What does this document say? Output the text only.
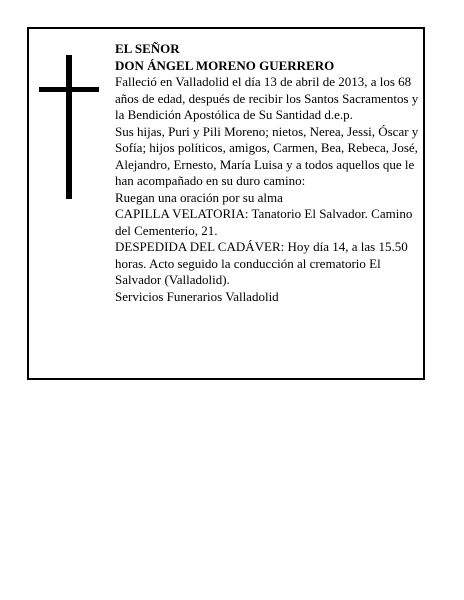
EL SEÑOR

DON ÁNGEL MORENO GUERRERO

Falleció en Valladolid el día 13 de abril de 2013, a los 68 años de edad, después de recibir los Santos Sacramentos y la Bendición Apostólica de Su Santidad d.e.p.

Sus hijas, Puri y Pili Moreno; nietos, Nerea, Jessi, Óscar y Sofía; hijos políticos, amigos, Carmen, Bea, Rebeca, José, Alejandro, Ernesto, María Luisa y a todos aquellos que le han acompañado en su duro camino:

Ruegan una oración por su alma

CAPILLA VELATORIA: Tanatorio El Salvador. Camino del Cementerio, 21.

DESPEDIDA DEL CADÁVER: Hoy día 14, a las 15.50 horas. Acto seguido la conducción al crematorio El Salvador (Valladolid).

Servicios Funerarios Valladolid
